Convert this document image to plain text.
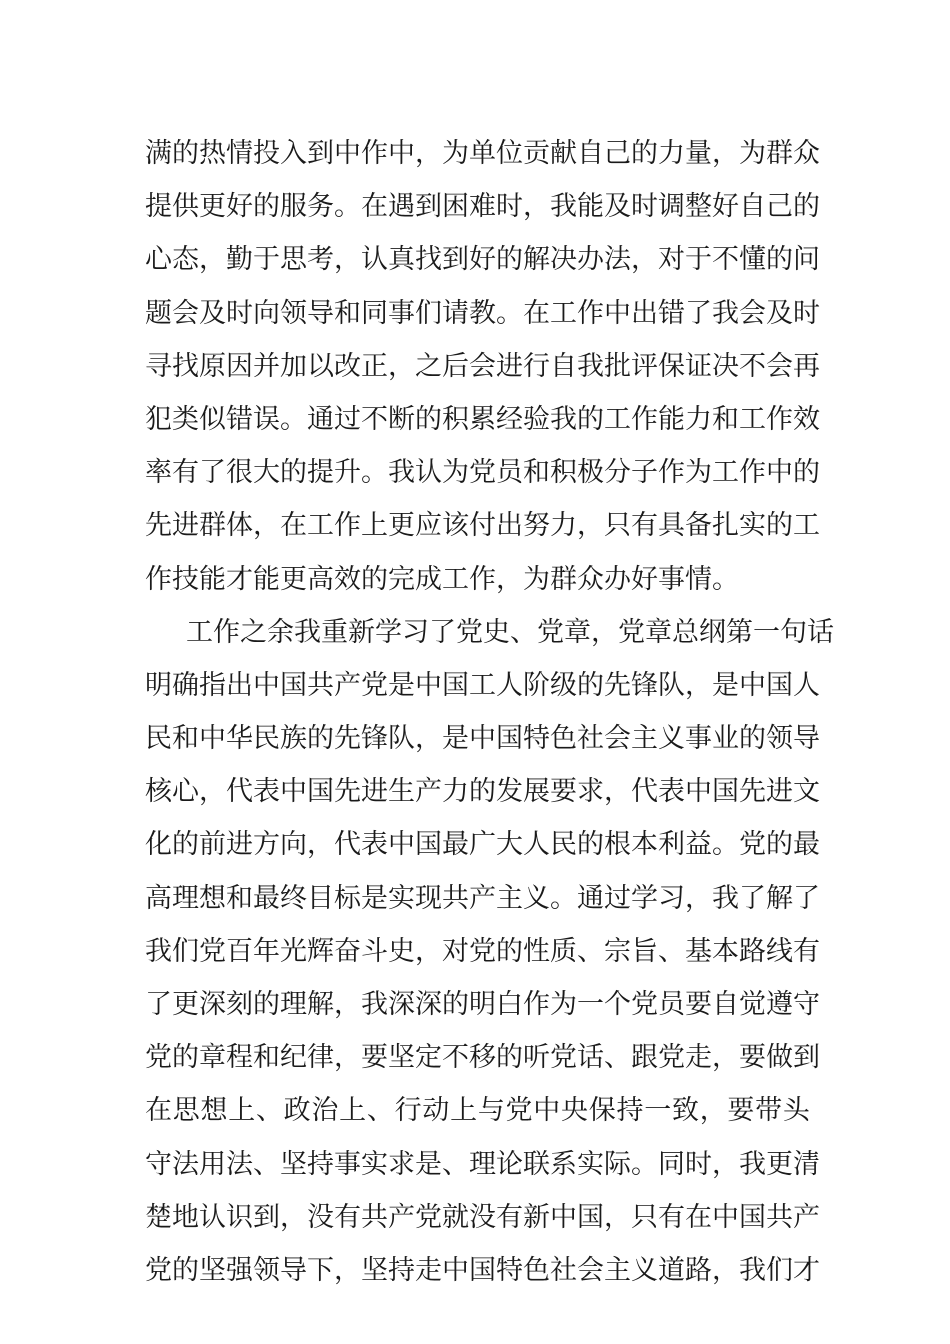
满 的 热 情 投 入 到 中 作 中 ， 为 单 位 贡 献 自 己 的 力 量 ， 为 群 众
提 供 更 好 的 服 务 。 在 遇 到 困 难 时 ， 我 能 及 时 调 整 好 自 己 的
心 态 ， 勤 于 思 考 ， 认 真 找 到 好 的 解 决 办 法 ， 对 于 不 懂 的 问
题 会 及 时 向 领 导 和 同 事 们 请 教 。 在 工 作 中 出 错 了 我 会 及 时
寻 找 原 因 并 加 以 改 正 ， 之 后 会 进 行 自 我 批 评 保 证 决 不 会 再
犯 类 似 错 误 。 通 过 不 断 的 积 累 经 验 我 的 工 作 能 力 和 工 作 效
率 有 了 很 大 的 提 升 。 我 认 为 党 员 和 积 极 分 子 作 为 工 作 中 的
先 进 群 体 ， 在 工 作 上 更 应 该 付 出 努 力 ， 只 有 具 备 扎 实 的 工
作技能才能更高效的完成工作，为群众办好事情。
工 作 之 余 我 重 新 学 习 了 党 史 、 党 章 ， 党 章 总 纲 第 一 句 话
明 确 指 出 中 国 共 产 党 是 中 国 工 人 阶 级 的 先 锋 队 ， 是 中 国 人
民 和 中 华 民 族 的 先 锋 队 ， 是 中 国 特 色 社 会 主 义 事 业 的 领 导
核 心 ， 代 表 中 国 先 进 生 产 力 的 发 展 要 求 ， 代 表 中 国 先 进 文
化 的 前 进 方 向 ， 代 表 中 国 最 广 大 人 民 的 根 本 利 益 。 党 的 最
高 理 想 和 最 终 目 标 是 实 现 共 产 主 义 。 通 过 学 习 ， 我 了 解 了
我 们 党 百 年 光 辉 奋 斗 史 ， 对 党 的 性 质 、 宗 旨 、 基 本 路 线 有
了 更 深 刻 的 理 解 ， 我 深 深 的 明 白 作 为 一 个 党 员 要 自 觉 遵 守
党 的 章 程 和 纪 律 ， 要 坚 定 不 移 的 听 党 话 、 跟 党 走 ， 要 做 到
在 思 想 上 、 政 治 上 、 行 动 上 与 党 中 央 保 持 一 致 ， 要 带 头
守 法 用 法 、 坚 持 事 实 求 是 、 理 论 联 系 实 际 。 同 时 ， 我 更 清
楚 地 认 识 到 ， 没 有 共 产 党 就 没 有 新 中 国 ， 只 有 在 中 国 共 产
党 的 坚 强 领 导 下 ， 坚 持 走 中 国 特 色 社 会 主 义 道 路 ， 我 们 才
